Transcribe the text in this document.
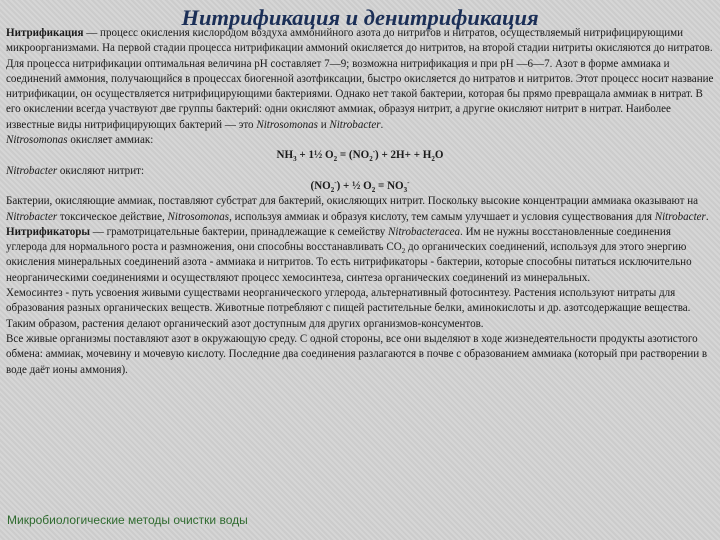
Нитрификация и денитрификация

Нитрификация — процесс окисления кислородом воздуха аммонийного азота до нитритов и нитратов, осуществляемый нитрифицирующими микроорганизмами. На первой стадии процесса нитрификации аммоний окисляется до нитритов, на второй стадии нитриты окисляются до нитратов.

Для процесса нитрификации оптимальная величина pH составляет 7—9; возможна нитрификация и при pH —6—7. Азот в форме аммиака и соединений аммония, получающийся в процессах биогенной азотфиксации, быстро окисляется до нитратов и нитритов. Этот процесс носит название нитрификации, он осуществляется нитрифицирующими бактериями. Однако нет такой бактерии, которая бы прямо превращала аммиак в нитрат. В его окислении всегда участвуют две группы бактерий: одни окисляют аммиак, образуя нитрит, а другие окисляют нитрит в нитрат. Наиболее известные виды нитрифицирующих бактерий — это Nitrosomonas и Nitrobacter.

Nitrosomonas окисляет аммиак:

$NH_3$ + 1½ $O_2 = (NO_2^-) + 2H+ + H_2O$

Nitrobacter окисляют нитрит:

$(NO_2^-)$ + ½ $O_2 = NO_3^-$

Бактерии, окисляющие аммиак, поставляют субстрат для бактерий, окисляющих нитрит. Поскольку высокие концентрации аммиака оказывают на Nitrobacter токсическое действие, Nitrosomonas, используя аммиак и образуя кислоту, тем самым улучшает и условия существования для Nitrobacter.

Нитрификаторы — грамотрицательные бактерии, принадлежащие к семейству Nitrobacteracea. Им не нужны восстановленные соединения углерода для нормального роста и размножения, они способны восстанавливать $CO_2$ до органических соединений, используя для этого энергию окисления минеральных соединений азота - аммиака и нитритов. То есть нитрификаторы - бактерии, которые способны питаться исключительно неорганическими соединениями и осуществляют процесс хемосинтеза, синтеза органических соединений из минеральных.

Хемосинтез - путь усвоения живыми существами неорганического углерода, альтернативный фотосинтезу. Растения используют нитраты для образования разных органических веществ. Животные потребляют с пищей растительные белки, аминокислоты и др. азотсодержащие вещества. Таким образом, растения делают органический азот доступным для других организмов-консументов.

Все живые организмы поставляют азот в окружающую среду. С одной стороны, все они выделяют в ходе жизнедеятельности продукты азотистого обмена: аммиак, мочевину и мочевую кислоту. Последние два соединения разлагаются в почве с образованием аммиака (который при растворении в воде даёт ионы аммония).

Микробиологические методы очистки воды
